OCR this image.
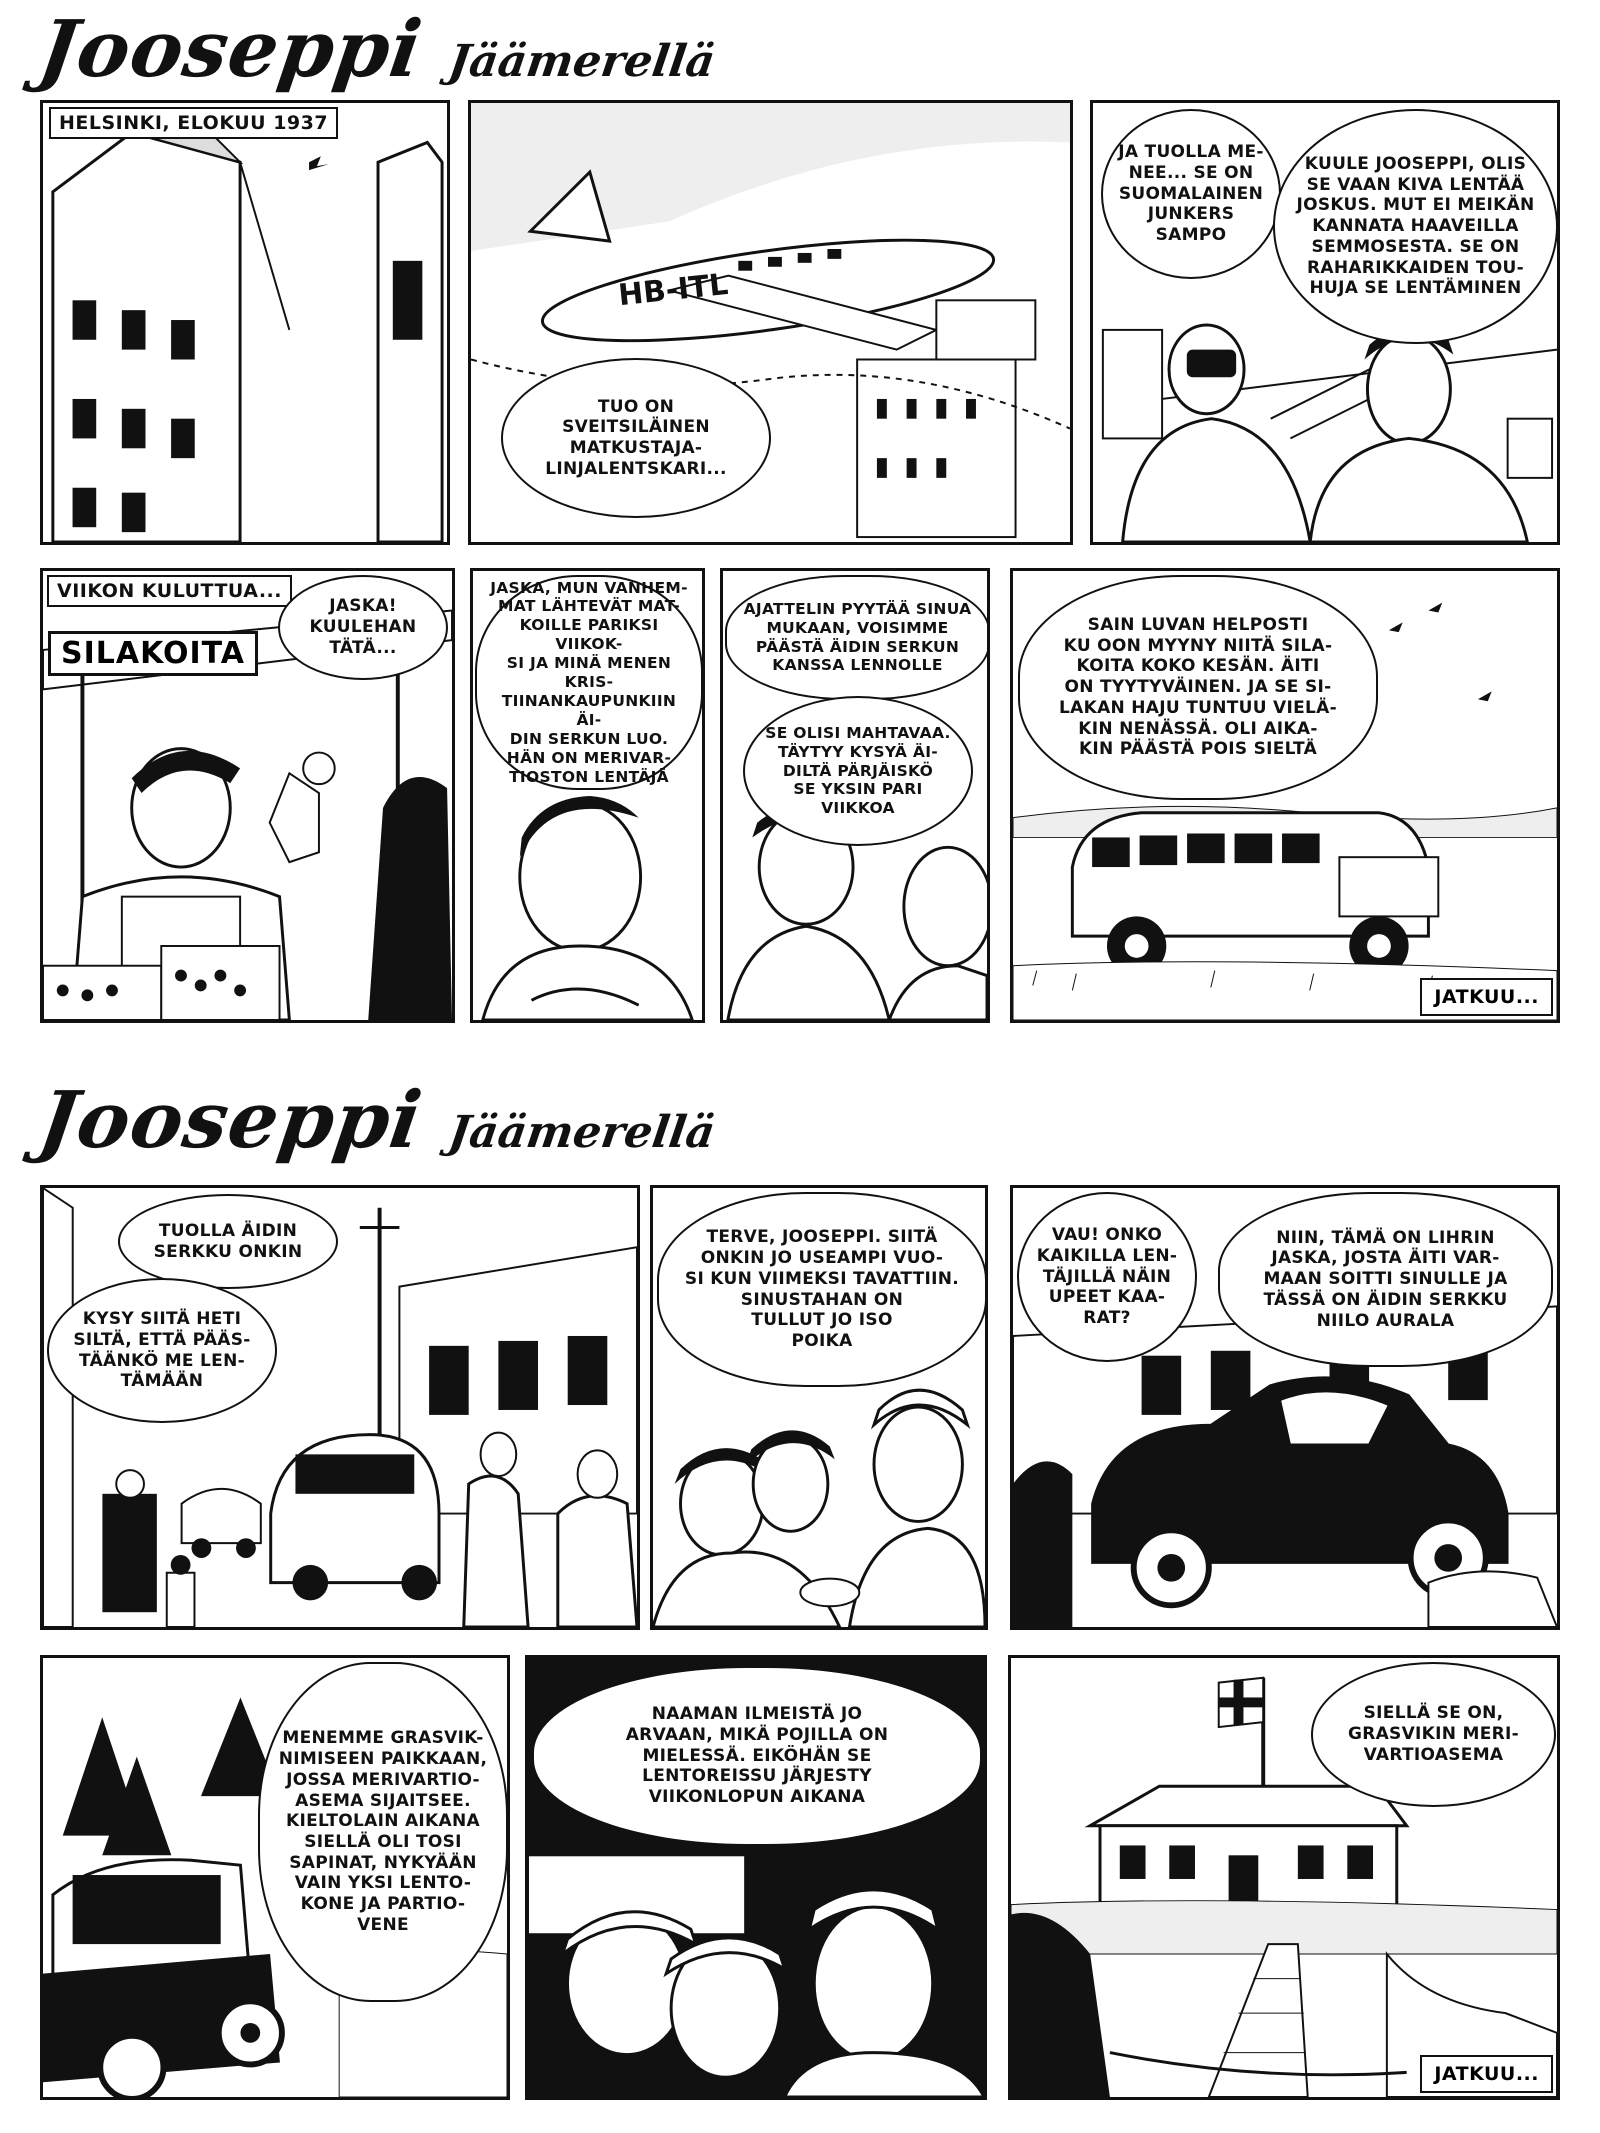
Jooseppi Jäämerellä
HELSINKI, ELOKUU 1937
HB-ITL
TUO ON
SVEITSILÄINEN
MATKUSTAJA-
LINJALENTSKARI...
JA TUOLLA ME-
NEE... SE ON
SUOMALAINEN
JUNKERS SAMPO
KUULE JOOSEPPI, OLIS
SE VAAN KIVA LENTÄÄ
JOSKUS. MUT EI MEIKÄN
KANNATA HAAVEILLA
SEMMOSESTA. SE ON
RAHARIKKAIDEN TOU-
HUJA SE LENTÄMINEN
VIIKON KULUTTUA...
SILAKOITA
JASKA!
KUULEHAN
TÄTÄ...
JASKA, MUN VANHEM-
MAT LÄHTEVÄT MAT-
KOILLE PARIKSI VIIKOK-
SI JA MINÄ MENEN KRIS-
TIINANKAUPUNKIIN ÄI-
DIN SERKUN LUO.
HÄN ON MERIVAR-
TIOSTON LENTÄJÄ
AJATTELIN PYYTÄÄ SINUA
MUKAAN, VOISIMME
PÄÄSTÄ ÄIDIN SERKUN
KANSSA LENNOLLE
SE OLISI MAHTAVAA.
TÄYTYY KYSYÄ ÄI-
DILTÄ PÄRJÄISKÖ
SE YKSIN PARI
VIIKKOA
SAIN LUVAN HELPOSTI
KU OON MYYNY NIITÄ SILA-
KOITA KOKO KESÄN. ÄITI
ON TYYTYVÄINEN. JA SE SI-
LAKAN HAJU TUNTUU VIELÄ-
KIN NENÄSSÄ. OLI AIKA-
KIN PÄÄSTÄ POIS SIELTÄ
JATKUU...
Jooseppi Jäämerellä
TUOLLA ÄIDIN
SERKKU ONKIN
KYSY SIITÄ HETI
SILTÄ, ETTÄ PÄÄS-
TÄÄNKÖ ME LEN-
TÄMÄÄN
TERVE, JOOSEPPI. SIITÄ
ONKIN JO USEAMPI VUO-
SI KUN VIIMEKSI TAVATTIIN.
SINUSTAHAN ON
TULLUT JO ISO
POIKA
VAU! ONKO
KAIKILLA LEN-
TÄJILLÄ NÄIN
UPEET KAA-
RAT?
NIIN, TÄMÄ ON LIHRIN
JASKA, JOSTA ÄITI VAR-
MAAN SOITTI SINULLE JA
TÄSSÄ ON ÄIDIN SERKKU
NIILO AURALA
MENEMME GRASVIK-
NIMISEEN PAIKKAAN,
JOSSA MERIVARTIO-
ASEMA SIJAITSEE.
KIELTOLAIN AIKANA
SIELLÄ OLI TOSI
SAPINAT, NYKYÄÄN
VAIN YKSI LENTO-
KONE JA PARTIO-
VENE
NAAMAN ILMEISTÄ JO
ARVAAN, MIKÄ POJILLA ON
MIELESSÄ. EIKÖHÄN SE
LENTOREISSU JÄRJESTY
VIIKONLOPUN AIKANA
SIELLÄ SE ON,
GRASVIKIN MERI-
VARTIOASEMA
JATKUU...
